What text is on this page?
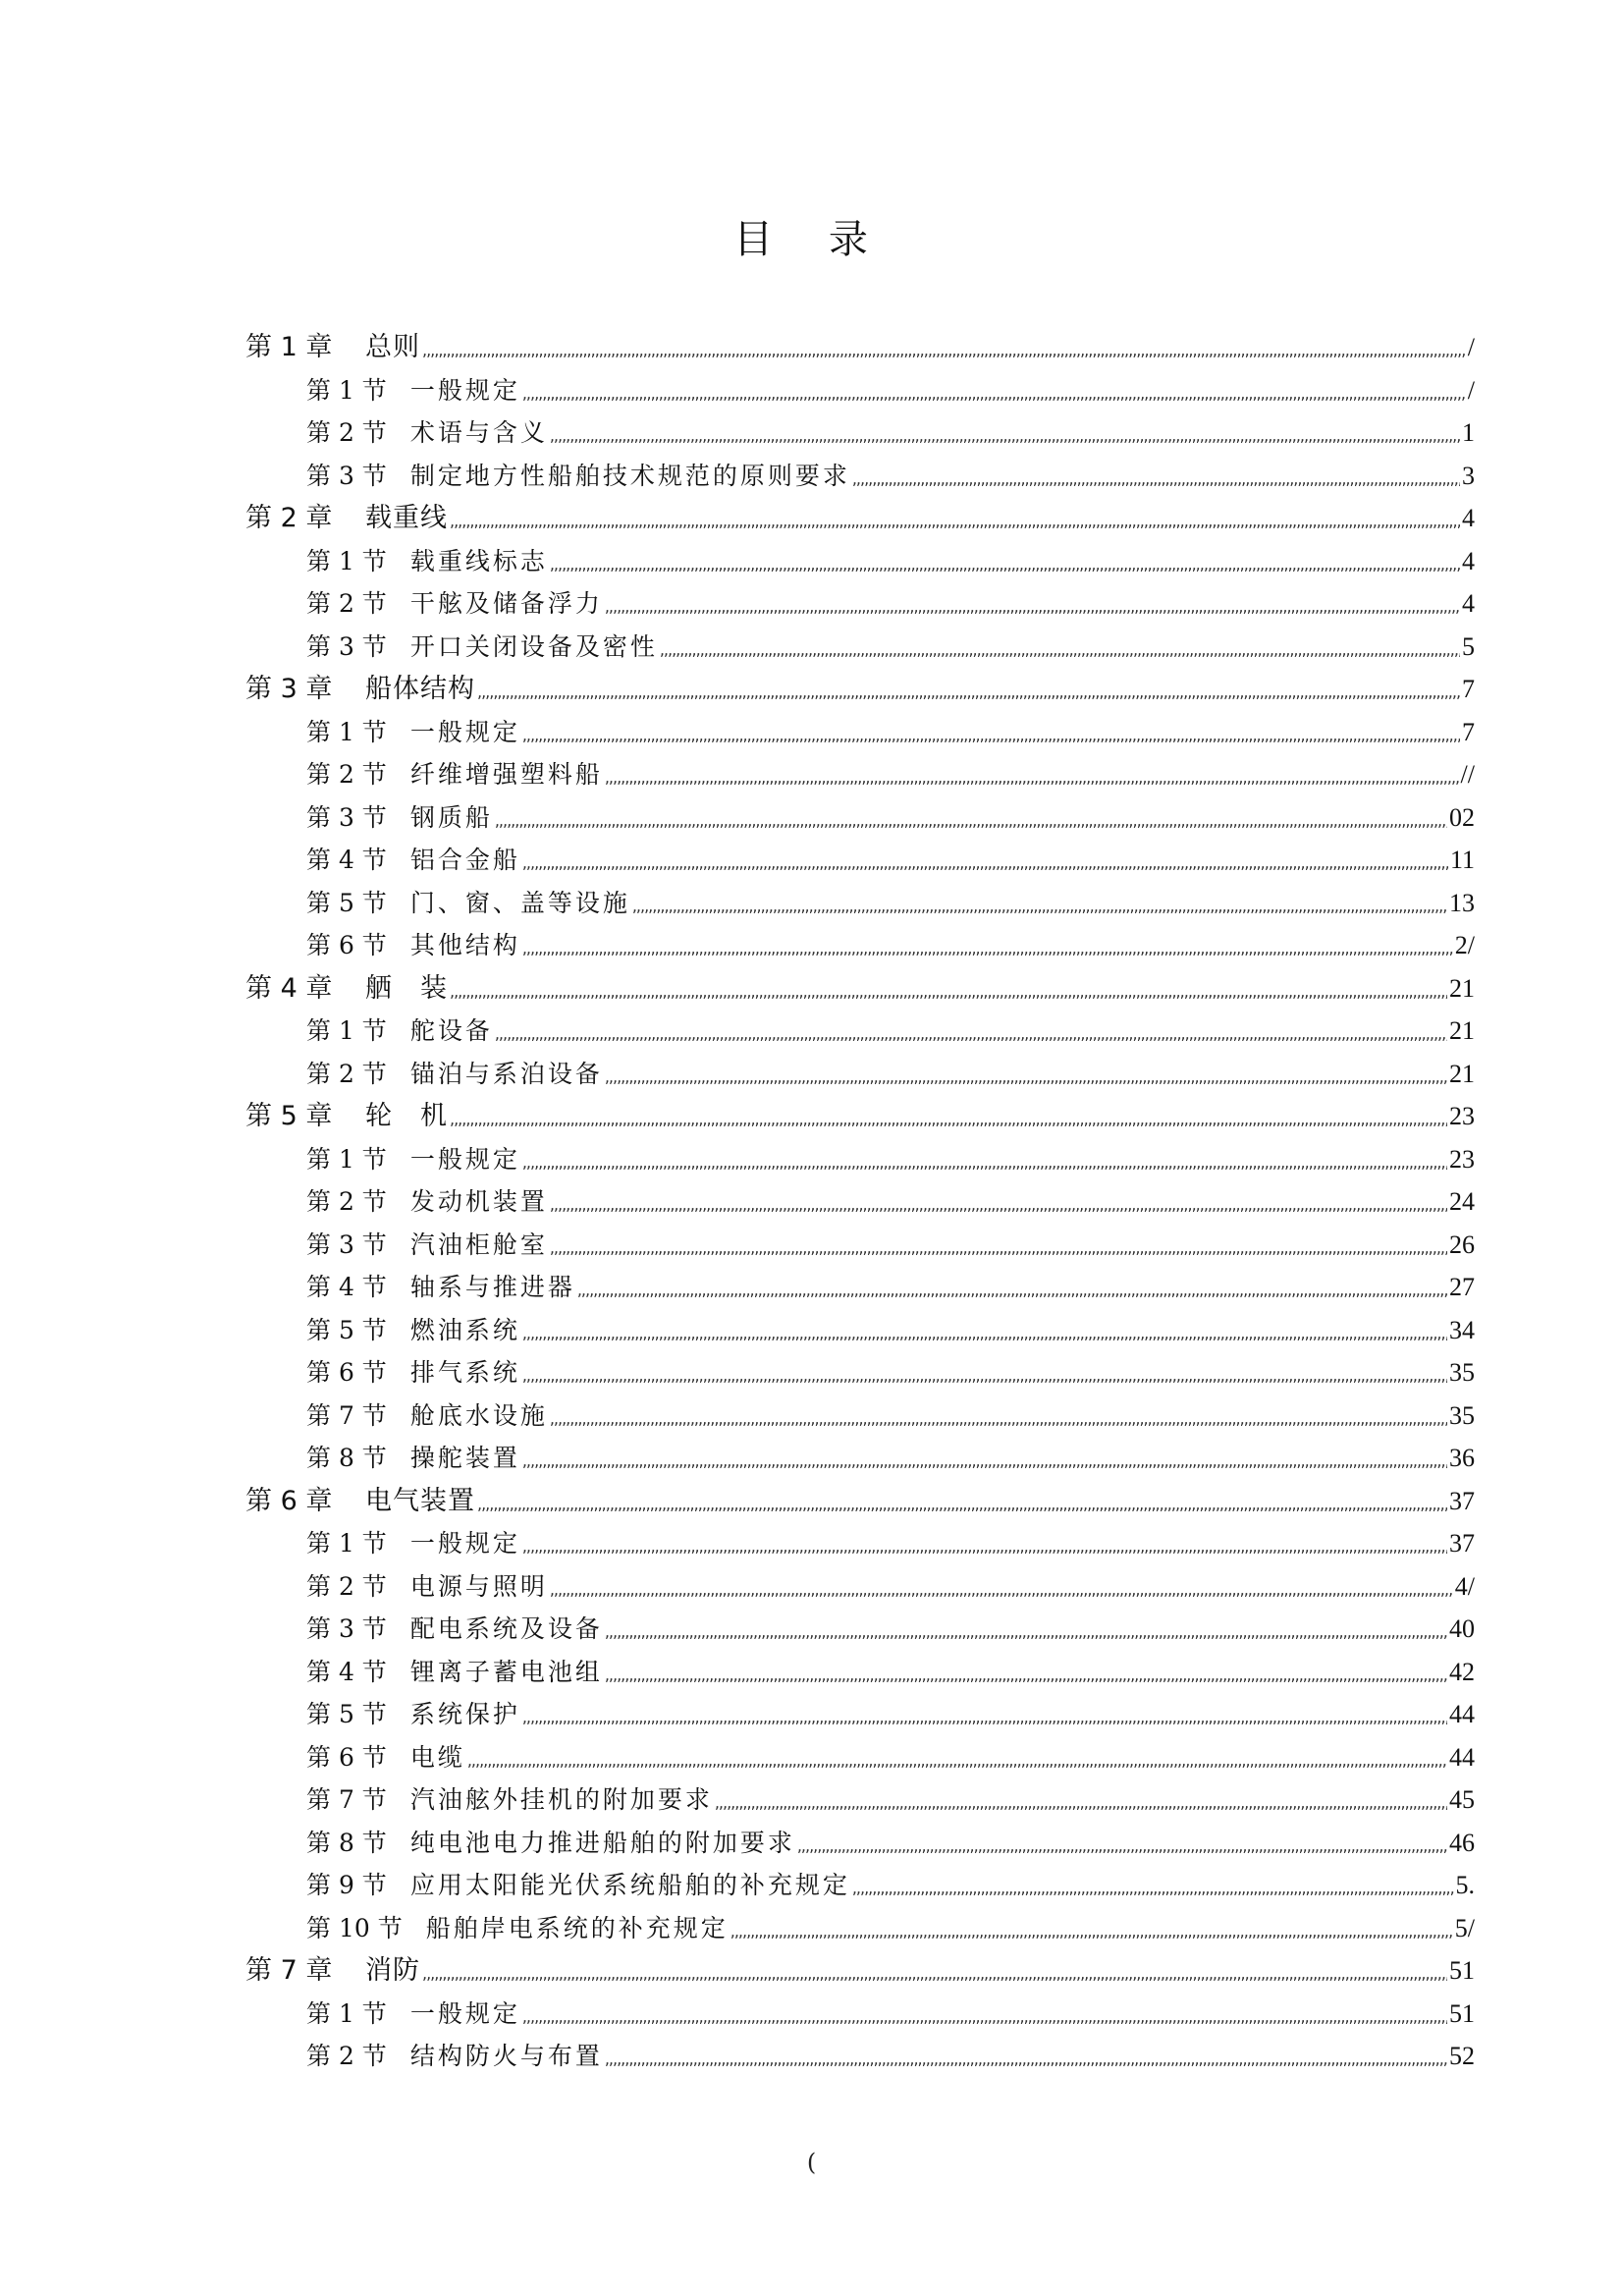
目 录
第 1 章	总则 ,,,,,,,,,,,,,,,,,,,,,,,,,,,,,,,,,,,,,,,,,,,,,,,,,,,,,,,,,,,,,,,,,,,,,,,,,,,,,,,,,,,,,,,,,,,,,,,,,,,,,,,,,,,,,,,,,,,,,,,,,,,,,,,,,,,,,,,,,,,,,,,,,,,,,,,,,,,,,,,,,,,,,,,,,,,,,,,,,,,,,,,,,,,,,,,,,,,,,,,,,,,,,,,,,,,,,,,,,,,,,,,,,,,,,,,,,,,,,,,,,,,,,,,,,,,,,,,,,,,,,,,,,,,,,,,,,,	/
第 1 节 一般规定 ,,,,,,,,,,,,,,,,,,,,,,,,,,,,,,,,,,,,,,,,,,,,,,,,,,,,,,,,,,,,,,,,,,,,,,,,,,,,,,,,,,,,,,,,,,,,,,,,,,,,,,,,,,,,,,,,,,,,,,,,,,,,,,,,,,,,,,,,,,,,,,,,,,,,,,,,,,,,,,,,,,,,,,,,,,,,,,,,,,,,,,,,,,,,,,,,,,,,,,,,,,,,,,,,,,,,,,,,,,,,,,,,,,,,,,,,,,,,,,,,,,,,,,,,,,,,,,,,,,,,,,,,,,,,,,,,,,	/
第 2 节 术语与含义 ,,,,,,,,,,,,,,,,,,,,,,,,,,,,,,,,,,,,,,,,,,,,,,,,,,,,,,,,,,,,,,,,,,,,,,,,,,,,,,,,,,,,,,,,,,,,,,,,,,,,,,,,,,,,,,,,,,,,,,,,,,,,,,,,,,,,,,,,,,,,,,,,,,,,,,,,,,,,,,,,,,,,,,,,,,,,,,,,,,,,,,,,,,,,,,,,,,,,,,,,,,,,,,,,,,,,,,,,,,,,,,,,,,,,,,,,,,,,,,,,,,,,,,,,,,,,,,,,,,,,,,,,,,,,,,,,,,	1
第 3 节 制定地方性船舶技术规范的原则要求 ,,,,,,,,,,,,,,,,,,,,,,,,,,,,,,,,,,,,,,,,,,,,,,,,,,,,,,,,,,,,,,,,,,,,,,,,,,,,,,,,,,,,,,,,,,,,,,,,,,,,,,,,,,,,,,,,,,,,,,,,,,,,,,,,,,,,,,,,,,,,,,,,,,,,,,,,,,,,,,,,,,,,,,,,,,,,,,,,,,,,,,,,,,,,,,,,,,,,,,,,,,,,,,,,,,,,,,,,,,,,,,,,,,,,,,,,,,,,,,,,,,,,,,,,,,,,,,,,,,,,,,,,,,,,,,,,,,	3
第 2 章	载重线 ,,,,,,,,,,,,,,,,,,,,,,,,,,,,,,,,,,,,,,,,,,,,,,,,,,,,,,,,,,,,,,,,,,,,,,,,,,,,,,,,,,,,,,,,,,,,,,,,,,,,,,,,,,,,,,,,,,,,,,,,,,,,,,,,,,,,,,,,,,,,,,,,,,,,,,,,,,,,,,,,,,,,,,,,,,,,,,,,,,,,,,,,,,,,,,,,,,,,,,,,,,,,,,,,,,,,,,,,,,,,,,,,,,,,,,,,,,,,,,,,,,,,,,,,,,,,,,,,,,,,,,,,,,,,,,,,,,	4
第 1 节 载重线标志 ,,,,,,,,,,,,,,,,,,,,,,,,,,,,,,,,,,,,,,,,,,,,,,,,,,,,,,,,,,,,,,,,,,,,,,,,,,,,,,,,,,,,,,,,,,,,,,,,,,,,,,,,,,,,,,,,,,,,,,,,,,,,,,,,,,,,,,,,,,,,,,,,,,,,,,,,,,,,,,,,,,,,,,,,,,,,,,,,,,,,,,,,,,,,,,,,,,,,,,,,,,,,,,,,,,,,,,,,,,,,,,,,,,,,,,,,,,,,,,,,,,,,,,,,,,,,,,,,,,,,,,,,,,,,,,,,,,	4
第 2 节 干舷及储备浮力 ,,,,,,,,,,,,,,,,,,,,,,,,,,,,,,,,,,,,,,,,,,,,,,,,,,,,,,,,,,,,,,,,,,,,,,,,,,,,,,,,,,,,,,,,,,,,,,,,,,,,,,,,,,,,,,,,,,,,,,,,,,,,,,,,,,,,,,,,,,,,,,,,,,,,,,,,,,,,,,,,,,,,,,,,,,,,,,,,,,,,,,,,,,,,,,,,,,,,,,,,,,,,,,,,,,,,,,,,,,,,,,,,,,,,,,,,,,,,,,,,,,,,,,,,,,,,,,,,,,,,,,,,,,,,,,,,,,	4
第 3 节 开口关闭设备及密性 ,,,,,,,,,,,,,,,,,,,,,,,,,,,,,,,,,,,,,,,,,,,,,,,,,,,,,,,,,,,,,,,,,,,,,,,,,,,,,,,,,,,,,,,,,,,,,,,,,,,,,,,,,,,,,,,,,,,,,,,,,,,,,,,,,,,,,,,,,,,,,,,,,,,,,,,,,,,,,,,,,,,,,,,,,,,,,,,,,,,,,,,,,,,,,,,,,,,,,,,,,,,,,,,,,,,,,,,,,,,,,,,,,,,,,,,,,,,,,,,,,,,,,,,,,,,,,,,,,,,,,,,,,,,,,,,,,,	5
第 3 章	船体结构 ,,,,,,,,,,,,,,,,,,,,,,,,,,,,,,,,,,,,,,,,,,,,,,,,,,,,,,,,,,,,,,,,,,,,,,,,,,,,,,,,,,,,,,,,,,,,,,,,,,,,,,,,,,,,,,,,,,,,,,,,,,,,,,,,,,,,,,,,,,,,,,,,,,,,,,,,,,,,,,,,,,,,,,,,,,,,,,,,,,,,,,,,,,,,,,,,,,,,,,,,,,,,,,,,,,,,,,,,,,,,,,,,,,,,,,,,,,,,,,,,,,,,,,,,,,,,,,,,,,,,,,,,,,,,,,,,,,	7
第 1 节 一般规定 ,,,,,,,,,,,,,,,,,,,,,,,,,,,,,,,,,,,,,,,,,,,,,,,,,,,,,,,,,,,,,,,,,,,,,,,,,,,,,,,,,,,,,,,,,,,,,,,,,,,,,,,,,,,,,,,,,,,,,,,,,,,,,,,,,,,,,,,,,,,,,,,,,,,,,,,,,,,,,,,,,,,,,,,,,,,,,,,,,,,,,,,,,,,,,,,,,,,,,,,,,,,,,,,,,,,,,,,,,,,,,,,,,,,,,,,,,,,,,,,,,,,,,,,,,,,,,,,,,,,,,,,,,,,,,,,,,,	7
第 2 节 纤维增强塑料船 ,,,,,,,,,,,,,,,,,,,,,,,,,,,,,,,,,,,,,,,,,,,,,,,,,,,,,,,,,,,,,,,,,,,,,,,,,,,,,,,,,,,,,,,,,,,,,,,,,,,,,,,,,,,,,,,,,,,,,,,,,,,,,,,,,,,,,,,,,,,,,,,,,,,,,,,,,,,,,,,,,,,,,,,,,,,,,,,,,,,,,,,,,,,,,,,,,,,,,,,,,,,,,,,,,,,,,,,,,,,,,,,,,,,,,,,,,,,,,,,,,,,,,,,,,,,,,,,,,,,,,,,,,,,,,,,,,,	//
第 3 节 钢质船 ,,,,,,,,,,,,,,,,,,,,,,,,,,,,,,,,,,,,,,,,,,,,,,,,,,,,,,,,,,,,,,,,,,,,,,,,,,,,,,,,,,,,,,,,,,,,,,,,,,,,,,,,,,,,,,,,,,,,,,,,,,,,,,,,,,,,,,,,,,,,,,,,,,,,,,,,,,,,,,,,,,,,,,,,,,,,,,,,,,,,,,,,,,,,,,,,,,,,,,,,,,,,,,,,,,,,,,,,,,,,,,,,,,,,,,,,,,,,,,,,,,,,,,,,,,,,,,,,,,,,,,,,,,,,,,,,,,	02
第 4 节 铝合金船 ,,,,,,,,,,,,,,,,,,,,,,,,,,,,,,,,,,,,,,,,,,,,,,,,,,,,,,,,,,,,,,,,,,,,,,,,,,,,,,,,,,,,,,,,,,,,,,,,,,,,,,,,,,,,,,,,,,,,,,,,,,,,,,,,,,,,,,,,,,,,,,,,,,,,,,,,,,,,,,,,,,,,,,,,,,,,,,,,,,,,,,,,,,,,,,,,,,,,,,,,,,,,,,,,,,,,,,,,,,,,,,,,,,,,,,,,,,,,,,,,,,,,,,,,,,,,,,,,,,,,,,,,,,,,,,,,,,	11
第 5 节 门、窗、盖等设施 ,,,,,,,,,,,,,,,,,,,,,,,,,,,,,,,,,,,,,,,,,,,,,,,,,,,,,,,,,,,,,,,,,,,,,,,,,,,,,,,,,,,,,,,,,,,,,,,,,,,,,,,,,,,,,,,,,,,,,,,,,,,,,,,,,,,,,,,,,,,,,,,,,,,,,,,,,,,,,,,,,,,,,,,,,,,,,,,,,,,,,,,,,,,,,,,,,,,,,,,,,,,,,,,,,,,,,,,,,,,,,,,,,,,,,,,,,,,,,,,,,,,,,,,,,,,,,,,,,,,,,,,,,,,,,,,,,,	13
第 6 节 其他结构 ,,,,,,,,,,,,,,,,,,,,,,,,,,,,,,,,,,,,,,,,,,,,,,,,,,,,,,,,,,,,,,,,,,,,,,,,,,,,,,,,,,,,,,,,,,,,,,,,,,,,,,,,,,,,,,,,,,,,,,,,,,,,,,,,,,,,,,,,,,,,,,,,,,,,,,,,,,,,,,,,,,,,,,,,,,,,,,,,,,,,,,,,,,,,,,,,,,,,,,,,,,,,,,,,,,,,,,,,,,,,,,,,,,,,,,,,,,,,,,,,,,,,,,,,,,,,,,,,,,,,,,,,,,,,,,,,,,	2/
第 4 章	舾　装 ,,,,,,,,,,,,,,,,,,,,,,,,,,,,,,,,,,,,,,,,,,,,,,,,,,,,,,,,,,,,,,,,,,,,,,,,,,,,,,,,,,,,,,,,,,,,,,,,,,,,,,,,,,,,,,,,,,,,,,,,,,,,,,,,,,,,,,,,,,,,,,,,,,,,,,,,,,,,,,,,,,,,,,,,,,,,,,,,,,,,,,,,,,,,,,,,,,,,,,,,,,,,,,,,,,,,,,,,,,,,,,,,,,,,,,,,,,,,,,,,,,,,,,,,,,,,,,,,,,,,,,,,,,,,,,,,,,	21
第 1 节 舵设备 ,,,,,,,,,,,,,,,,,,,,,,,,,,,,,,,,,,,,,,,,,,,,,,,,,,,,,,,,,,,,,,,,,,,,,,,,,,,,,,,,,,,,,,,,,,,,,,,,,,,,,,,,,,,,,,,,,,,,,,,,,,,,,,,,,,,,,,,,,,,,,,,,,,,,,,,,,,,,,,,,,,,,,,,,,,,,,,,,,,,,,,,,,,,,,,,,,,,,,,,,,,,,,,,,,,,,,,,,,,,,,,,,,,,,,,,,,,,,,,,,,,,,,,,,,,,,,,,,,,,,,,,,,,,,,,,,,,	21
第 2 节 锚泊与系泊设备 ,,,,,,,,,,,,,,,,,,,,,,,,,,,,,,,,,,,,,,,,,,,,,,,,,,,,,,,,,,,,,,,,,,,,,,,,,,,,,,,,,,,,,,,,,,,,,,,,,,,,,,,,,,,,,,,,,,,,,,,,,,,,,,,,,,,,,,,,,,,,,,,,,,,,,,,,,,,,,,,,,,,,,,,,,,,,,,,,,,,,,,,,,,,,,,,,,,,,,,,,,,,,,,,,,,,,,,,,,,,,,,,,,,,,,,,,,,,,,,,,,,,,,,,,,,,,,,,,,,,,,,,,,,,,,,,,,,	21
第 5 章	轮　机 ,,,,,,,,,,,,,,,,,,,,,,,,,,,,,,,,,,,,,,,,,,,,,,,,,,,,,,,,,,,,,,,,,,,,,,,,,,,,,,,,,,,,,,,,,,,,,,,,,,,,,,,,,,,,,,,,,,,,,,,,,,,,,,,,,,,,,,,,,,,,,,,,,,,,,,,,,,,,,,,,,,,,,,,,,,,,,,,,,,,,,,,,,,,,,,,,,,,,,,,,,,,,,,,,,,,,,,,,,,,,,,,,,,,,,,,,,,,,,,,,,,,,,,,,,,,,,,,,,,,,,,,,,,,,,,,,,,	23
第 1 节 一般规定 ,,,,,,,,,,,,,,,,,,,,,,,,,,,,,,,,,,,,,,,,,,,,,,,,,,,,,,,,,,,,,,,,,,,,,,,,,,,,,,,,,,,,,,,,,,,,,,,,,,,,,,,,,,,,,,,,,,,,,,,,,,,,,,,,,,,,,,,,,,,,,,,,,,,,,,,,,,,,,,,,,,,,,,,,,,,,,,,,,,,,,,,,,,,,,,,,,,,,,,,,,,,,,,,,,,,,,,,,,,,,,,,,,,,,,,,,,,,,,,,,,,,,,,,,,,,,,,,,,,,,,,,,,,,,,,,,,,	23
第 2 节 发动机装置 ,,,,,,,,,,,,,,,,,,,,,,,,,,,,,,,,,,,,,,,,,,,,,,,,,,,,,,,,,,,,,,,,,,,,,,,,,,,,,,,,,,,,,,,,,,,,,,,,,,,,,,,,,,,,,,,,,,,,,,,,,,,,,,,,,,,,,,,,,,,,,,,,,,,,,,,,,,,,,,,,,,,,,,,,,,,,,,,,,,,,,,,,,,,,,,,,,,,,,,,,,,,,,,,,,,,,,,,,,,,,,,,,,,,,,,,,,,,,,,,,,,,,,,,,,,,,,,,,,,,,,,,,,,,,,,,,,,	24
第 3 节 汽油柜舱室 ,,,,,,,,,,,,,,,,,,,,,,,,,,,,,,,,,,,,,,,,,,,,,,,,,,,,,,,,,,,,,,,,,,,,,,,,,,,,,,,,,,,,,,,,,,,,,,,,,,,,,,,,,,,,,,,,,,,,,,,,,,,,,,,,,,,,,,,,,,,,,,,,,,,,,,,,,,,,,,,,,,,,,,,,,,,,,,,,,,,,,,,,,,,,,,,,,,,,,,,,,,,,,,,,,,,,,,,,,,,,,,,,,,,,,,,,,,,,,,,,,,,,,,,,,,,,,,,,,,,,,,,,,,,,,,,,,,	26
第 4 节 轴系与推进器 ,,,,,,,,,,,,,,,,,,,,,,,,,,,,,,,,,,,,,,,,,,,,,,,,,,,,,,,,,,,,,,,,,,,,,,,,,,,,,,,,,,,,,,,,,,,,,,,,,,,,,,,,,,,,,,,,,,,,,,,,,,,,,,,,,,,,,,,,,,,,,,,,,,,,,,,,,,,,,,,,,,,,,,,,,,,,,,,,,,,,,,,,,,,,,,,,,,,,,,,,,,,,,,,,,,,,,,,,,,,,,,,,,,,,,,,,,,,,,,,,,,,,,,,,,,,,,,,,,,,,,,,,,,,,,,,,,,	27
第 5 节 燃油系统 ,,,,,,,,,,,,,,,,,,,,,,,,,,,,,,,,,,,,,,,,,,,,,,,,,,,,,,,,,,,,,,,,,,,,,,,,,,,,,,,,,,,,,,,,,,,,,,,,,,,,,,,,,,,,,,,,,,,,,,,,,,,,,,,,,,,,,,,,,,,,,,,,,,,,,,,,,,,,,,,,,,,,,,,,,,,,,,,,,,,,,,,,,,,,,,,,,,,,,,,,,,,,,,,,,,,,,,,,,,,,,,,,,,,,,,,,,,,,,,,,,,,,,,,,,,,,,,,,,,,,,,,,,,,,,,,,,,	34
第 6 节 排气系统 ,,,,,,,,,,,,,,,,,,,,,,,,,,,,,,,,,,,,,,,,,,,,,,,,,,,,,,,,,,,,,,,,,,,,,,,,,,,,,,,,,,,,,,,,,,,,,,,,,,,,,,,,,,,,,,,,,,,,,,,,,,,,,,,,,,,,,,,,,,,,,,,,,,,,,,,,,,,,,,,,,,,,,,,,,,,,,,,,,,,,,,,,,,,,,,,,,,,,,,,,,,,,,,,,,,,,,,,,,,,,,,,,,,,,,,,,,,,,,,,,,,,,,,,,,,,,,,,,,,,,,,,,,,,,,,,,,,	35
第 7 节 舱底水设施 ,,,,,,,,,,,,,,,,,,,,,,,,,,,,,,,,,,,,,,,,,,,,,,,,,,,,,,,,,,,,,,,,,,,,,,,,,,,,,,,,,,,,,,,,,,,,,,,,,,,,,,,,,,,,,,,,,,,,,,,,,,,,,,,,,,,,,,,,,,,,,,,,,,,,,,,,,,,,,,,,,,,,,,,,,,,,,,,,,,,,,,,,,,,,,,,,,,,,,,,,,,,,,,,,,,,,,,,,,,,,,,,,,,,,,,,,,,,,,,,,,,,,,,,,,,,,,,,,,,,,,,,,,,,,,,,,,,	35
第 8 节 操舵装置 ,,,,,,,,,,,,,,,,,,,,,,,,,,,,,,,,,,,,,,,,,,,,,,,,,,,,,,,,,,,,,,,,,,,,,,,,,,,,,,,,,,,,,,,,,,,,,,,,,,,,,,,,,,,,,,,,,,,,,,,,,,,,,,,,,,,,,,,,,,,,,,,,,,,,,,,,,,,,,,,,,,,,,,,,,,,,,,,,,,,,,,,,,,,,,,,,,,,,,,,,,,,,,,,,,,,,,,,,,,,,,,,,,,,,,,,,,,,,,,,,,,,,,,,,,,,,,,,,,,,,,,,,,,,,,,,,,,	36
第 6 章	电气装置 ,,,,,,,,,,,,,,,,,,,,,,,,,,,,,,,,,,,,,,,,,,,,,,,,,,,,,,,,,,,,,,,,,,,,,,,,,,,,,,,,,,,,,,,,,,,,,,,,,,,,,,,,,,,,,,,,,,,,,,,,,,,,,,,,,,,,,,,,,,,,,,,,,,,,,,,,,,,,,,,,,,,,,,,,,,,,,,,,,,,,,,,,,,,,,,,,,,,,,,,,,,,,,,,,,,,,,,,,,,,,,,,,,,,,,,,,,,,,,,,,,,,,,,,,,,,,,,,,,,,,,,,,,,,,,,,,,,	37
第 1 节 一般规定 ,,,,,,,,,,,,,,,,,,,,,,,,,,,,,,,,,,,,,,,,,,,,,,,,,,,,,,,,,,,,,,,,,,,,,,,,,,,,,,,,,,,,,,,,,,,,,,,,,,,,,,,,,,,,,,,,,,,,,,,,,,,,,,,,,,,,,,,,,,,,,,,,,,,,,,,,,,,,,,,,,,,,,,,,,,,,,,,,,,,,,,,,,,,,,,,,,,,,,,,,,,,,,,,,,,,,,,,,,,,,,,,,,,,,,,,,,,,,,,,,,,,,,,,,,,,,,,,,,,,,,,,,,,,,,,,,,,	37
第 2 节 电源与照明 ,,,,,,,,,,,,,,,,,,,,,,,,,,,,,,,,,,,,,,,,,,,,,,,,,,,,,,,,,,,,,,,,,,,,,,,,,,,,,,,,,,,,,,,,,,,,,,,,,,,,,,,,,,,,,,,,,,,,,,,,,,,,,,,,,,,,,,,,,,,,,,,,,,,,,,,,,,,,,,,,,,,,,,,,,,,,,,,,,,,,,,,,,,,,,,,,,,,,,,,,,,,,,,,,,,,,,,,,,,,,,,,,,,,,,,,,,,,,,,,,,,,,,,,,,,,,,,,,,,,,,,,,,,,,,,,,,,	4/
第 3 节 配电系统及设备 ,,,,,,,,,,,,,,,,,,,,,,,,,,,,,,,,,,,,,,,,,,,,,,,,,,,,,,,,,,,,,,,,,,,,,,,,,,,,,,,,,,,,,,,,,,,,,,,,,,,,,,,,,,,,,,,,,,,,,,,,,,,,,,,,,,,,,,,,,,,,,,,,,,,,,,,,,,,,,,,,,,,,,,,,,,,,,,,,,,,,,,,,,,,,,,,,,,,,,,,,,,,,,,,,,,,,,,,,,,,,,,,,,,,,,,,,,,,,,,,,,,,,,,,,,,,,,,,,,,,,,,,,,,,,,,,,,,	40
第 4 节 锂离子蓄电池组 ,,,,,,,,,,,,,,,,,,,,,,,,,,,,,,,,,,,,,,,,,,,,,,,,,,,,,,,,,,,,,,,,,,,,,,,,,,,,,,,,,,,,,,,,,,,,,,,,,,,,,,,,,,,,,,,,,,,,,,,,,,,,,,,,,,,,,,,,,,,,,,,,,,,,,,,,,,,,,,,,,,,,,,,,,,,,,,,,,,,,,,,,,,,,,,,,,,,,,,,,,,,,,,,,,,,,,,,,,,,,,,,,,,,,,,,,,,,,,,,,,,,,,,,,,,,,,,,,,,,,,,,,,,,,,,,,,,	42
第 5 节 系统保护 ,,,,,,,,,,,,,,,,,,,,,,,,,,,,,,,,,,,,,,,,,,,,,,,,,,,,,,,,,,,,,,,,,,,,,,,,,,,,,,,,,,,,,,,,,,,,,,,,,,,,,,,,,,,,,,,,,,,,,,,,,,,,,,,,,,,,,,,,,,,,,,,,,,,,,,,,,,,,,,,,,,,,,,,,,,,,,,,,,,,,,,,,,,,,,,,,,,,,,,,,,,,,,,,,,,,,,,,,,,,,,,,,,,,,,,,,,,,,,,,,,,,,,,,,,,,,,,,,,,,,,,,,,,,,,,,,,,	44
第 6 节 电缆 ,,,,,,,,,,,,,,,,,,,,,,,,,,,,,,,,,,,,,,,,,,,,,,,,,,,,,,,,,,,,,,,,,,,,,,,,,,,,,,,,,,,,,,,,,,,,,,,,,,,,,,,,,,,,,,,,,,,,,,,,,,,,,,,,,,,,,,,,,,,,,,,,,,,,,,,,,,,,,,,,,,,,,,,,,,,,,,,,,,,,,,,,,,,,,,,,,,,,,,,,,,,,,,,,,,,,,,,,,,,,,,,,,,,,,,,,,,,,,,,,,,,,,,,,,,,,,,,,,,,,,,,,,,,,,,,,,,	44
第 7 节 汽油舷外挂机的附加要求 ,,,,,,,,,,,,,,,,,,,,,,,,,,,,,,,,,,,,,,,,,,,,,,,,,,,,,,,,,,,,,,,,,,,,,,,,,,,,,,,,,,,,,,,,,,,,,,,,,,,,,,,,,,,,,,,,,,,,,,,,,,,,,,,,,,,,,,,,,,,,,,,,,,,,,,,,,,,,,,,,,,,,,,,,,,,,,,,,,,,,,,,,,,,,,,,,,,,,,,,,,,,,,,,,,,,,,,,,,,,,,,,,,,,,,,,,,,,,,,,,,,,,,,,,,,,,,,,,,,,,,,,,,,,,,,,,,,	45
第 8 节 纯电池电力推进船舶的附加要求 ,,,,,,,,,,,,,,,,,,,,,,,,,,,,,,,,,,,,,,,,,,,,,,,,,,,,,,,,,,,,,,,,,,,,,,,,,,,,,,,,,,,,,,,,,,,,,,,,,,,,,,,,,,,,,,,,,,,,,,,,,,,,,,,,,,,,,,,,,,,,,,,,,,,,,,,,,,,,,,,,,,,,,,,,,,,,,,,,,,,,,,,,,,,,,,,,,,,,,,,,,,,,,,,,,,,,,,,,,,,,,,,,,,,,,,,,,,,,,,,,,,,,,,,,,,,,,,,,,,,,,,,,,,,,,,,,,,	46
第 9 节 应用太阳能光伏系统船舶的补充规定 ,,,,,,,,,,,,,,,,,,,,,,,,,,,,,,,,,,,,,,,,,,,,,,,,,,,,,,,,,,,,,,,,,,,,,,,,,,,,,,,,,,,,,,,,,,,,,,,,,,,,,,,,,,,,,,,,,,,,,,,,,,,,,,,,,,,,,,,,,,,,,,,,,,,,,,,,,,,,,,,,,,,,,,,,,,,,,,,,,,,,,,,,,,,,,,,,,,,,,,,,,,,,,,,,,,,,,,,,,,,,,,,,,,,,,,,,,,,,,,,,,,,,,,,,,,,,,,,,,,,,,,,,,,,,,,,,,,	5.
第 10 节 船舶岸电系统的补充规定 ,,,,,,,,,,,,,,,,,,,,,,,,,,,,,,,,,,,,,,,,,,,,,,,,,,,,,,,,,,,,,,,,,,,,,,,,,,,,,,,,,,,,,,,,,,,,,,,,,,,,,,,,,,,,,,,,,,,,,,,,,,,,,,,,,,,,,,,,,,,,,,,,,,,,,,,,,,,,,,,,,,,,,,,,,,,,,,,,,,,,,,,,,,,,,,,,,,,,,,,,,,,,,,,,,,,,,,,,,,,,,,,,,,,,,,,,,,,,,,,,,,,,,,,,,,,,,,,,,,,,,,,,,,,,,,,,,,	5/
第 7 章	消防 ,,,,,,,,,,,,,,,,,,,,,,,,,,,,,,,,,,,,,,,,,,,,,,,,,,,,,,,,,,,,,,,,,,,,,,,,,,,,,,,,,,,,,,,,,,,,,,,,,,,,,,,,,,,,,,,,,,,,,,,,,,,,,,,,,,,,,,,,,,,,,,,,,,,,,,,,,,,,,,,,,,,,,,,,,,,,,,,,,,,,,,,,,,,,,,,,,,,,,,,,,,,,,,,,,,,,,,,,,,,,,,,,,,,,,,,,,,,,,,,,,,,,,,,,,,,,,,,,,,,,,,,,,,,,,,,,,,	51
第 1 节 一般规定 ,,,,,,,,,,,,,,,,,,,,,,,,,,,,,,,,,,,,,,,,,,,,,,,,,,,,,,,,,,,,,,,,,,,,,,,,,,,,,,,,,,,,,,,,,,,,,,,,,,,,,,,,,,,,,,,,,,,,,,,,,,,,,,,,,,,,,,,,,,,,,,,,,,,,,,,,,,,,,,,,,,,,,,,,,,,,,,,,,,,,,,,,,,,,,,,,,,,,,,,,,,,,,,,,,,,,,,,,,,,,,,,,,,,,,,,,,,,,,,,,,,,,,,,,,,,,,,,,,,,,,,,,,,,,,,,,,,	51
第 2 节 结构防火与布置 ,,,,,,,,,,,,,,,,,,,,,,,,,,,,,,,,,,,,,,,,,,,,,,,,,,,,,,,,,,,,,,,,,,,,,,,,,,,,,,,,,,,,,,,,,,,,,,,,,,,,,,,,,,,,,,,,,,,,,,,,,,,,,,,,,,,,,,,,,,,,,,,,,,,,,,,,,,,,,,,,,,,,,,,,,,,,,,,,,,,,,,,,,,,,,,,,,,,,,,,,,,,,,,,,,,,,,,,,,,,,,,,,,,,,,,,,,,,,,,,,,,,,,,,,,,,,,,,,,,,,,,,,,,,,,,,,,,	52
(
